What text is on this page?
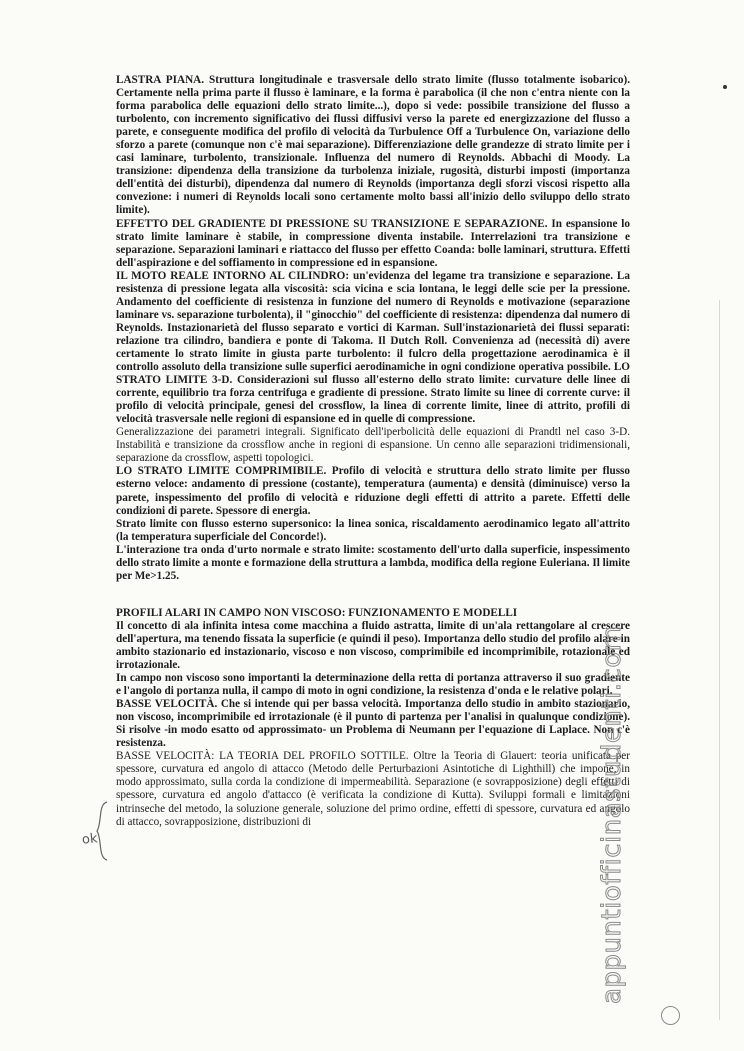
LASTRA PIANA. Struttura longitudinale e trasversale dello strato limite (flusso totalmente isobarico). Certamente nella prima parte il flusso è laminare, e la forma è parabolica (il che non c'entra niente con la forma parabolica delle equazioni dello strato limite...), dopo si vede: possibile transizione del flusso a turbolento, con incremento significativo dei flussi diffusivi verso la parete ed energizzazione del flusso a parete, e conseguente modifica del profilo di velocità da Turbulence Off a Turbulence On, variazione dello sforzo a parete (comunque non c'è mai separazione). Differenziazione delle grandezze di strato limite per i casi laminare, turbolento, transizionale. Influenza del numero di Reynolds. Abbachi di Moody. La transizione: dipendenza della transizione da turbolenza iniziale, rugosità, disturbi imposti (importanza dell'entità dei disturbi), dipendenza dal numero di Reynolds (importanza degli sforzi viscosi rispetto alla convezione: i numeri di Reynolds locali sono certamente molto bassi all'inizio dello sviluppo dello strato limite).

EFFETTO DEL GRADIENTE DI PRESSIONE SU TRANSIZIONE E SEPARAZIONE. In espansione lo strato limite laminare è stabile, in compressione diventa instabile. Interrelazioni tra transizione e separazione. Separazioni laminari e riattacco del flusso per effetto Coanda: bolle laminari, struttura. Effetti dell'aspirazione e del soffiamento in compressione ed in espansione.

IL MOTO REALE INTORNO AL CILINDRO: un'evidenza del legame tra transizione e separazione. La resistenza di pressione legata alla viscosità: scia vicina e scia lontana, le leggi delle scie per la pressione. Andamento del coefficiente di resistenza in funzione del numero di Reynolds e motivazione (separazione laminare vs. separazione turbolenta), il "ginocchio" del coefficiente di resistenza: dipendenza dal numero di Reynolds. Instazionarietà del flusso separato e vortici di Karman. Sull'instazionarietà dei flussi separati: relazione tra cilindro, bandiera e ponte di Takoma. Il Dutch Roll. Convenienza ad (necessità di) avere certamente lo strato limite in giusta parte turbolento: il fulcro della progettazione aerodinamica è il controllo assoluto della transizione sulle superfici aerodinamiche in ogni condizione operativa possibile. LO STRATO LIMITE 3-D. Considerazioni sul flusso all'esterno dello strato limite: curvature delle linee di corrente, equilibrio tra forza centrifuga e gradiente di pressione. Strato limite su linee di corrente curve: il profilo di velocità principale, genesi del crossflow, la linea di corrente limite, linee di attrito, profili di velocità trasversale nelle regioni di espansione ed in quelle di compressione.

Generalizzazione dei parametri integrali. Significato dell'iperbolicità delle equazioni di Prandtl nel caso 3-D. Instabilità e transizione da crossflow anche in regioni di espansione. Un cenno alle separazioni tridimensionali, separazione da crossflow, aspetti topologici.

LO STRATO LIMITE COMPRIMIBILE. Profilo di velocità e struttura dello strato limite per flusso esterno veloce: andamento di pressione (costante), temperatura (aumenta) e densità (diminuisce) verso la parete, inspessimento del profilo di velocità e riduzione degli effetti di attrito a parete. Effetti delle condizioni di parete. Spessore di energia.

Strato limite con flusso esterno supersonico: la linea sonica, riscaldamento aerodinamico legato all'attrito (la temperatura superficiale del Concorde!).

L'interazione tra onda d'urto normale e strato limite: scostamento dell'urto dalla superficie, inspessimento dello strato limite a monte e formazione della struttura a lambda, modifica della regione Euleriana. Il limite per Me>1.25.

PROFILI ALARI IN CAMPO NON VISCOSO: FUNZIONAMENTO E MODELLI

Il concetto di ala infinita intesa come macchina a fluido astratta, limite di un'ala rettangolare al crescere dell'apertura, ma tenendo fissata la superficie (e quindi il peso). Importanza dello studio del profilo alare in ambito stazionario ed instazionario, viscoso e non viscoso, comprimibile ed incomprimibile, rotazionale ed irrotazionale.

In campo non viscoso sono importanti la determinazione della retta di portanza attraverso il suo gradiente e l'angolo di portanza nulla, il campo di moto in ogni condizione, la resistenza d'onda e le relative polari.

BASSE VELOCITÀ. Che si intende qui per bassa velocità. Importanza dello studio in ambito stazionario, non viscoso, incomprimibile ed irrotazionale (è il punto di partenza per l'analisi in qualunque condizione). Si risolve -in modo esatto od approssimato- un Problema di Neumann per l'equazione di Laplace. Non c'è resistenza.

BASSE VELOCITÀ: LA TEORIA DEL PROFILO SOTTILE. Oltre la Teoria di Glauert: teoria unificata per spessore, curvatura ed angolo di attacco (Metodo delle Perturbazioni Asintotiche di Lighthill) che impone, in modo approssimato, sulla corda la condizione di impermeabilità. Separazione (e sovrapposizione) degli effetti di spessore, curvatura ed angolo d'attacco (è verificata la condizione di Kutta). Sviluppi formali e limitazioni intrinseche del metodo, la soluzione generale, soluzione del primo ordine, effetti di spessore, curvatura ed angolo di attacco, sovrapposizione, distribuzioni di

ok	appuntiofficinastudenti.com
